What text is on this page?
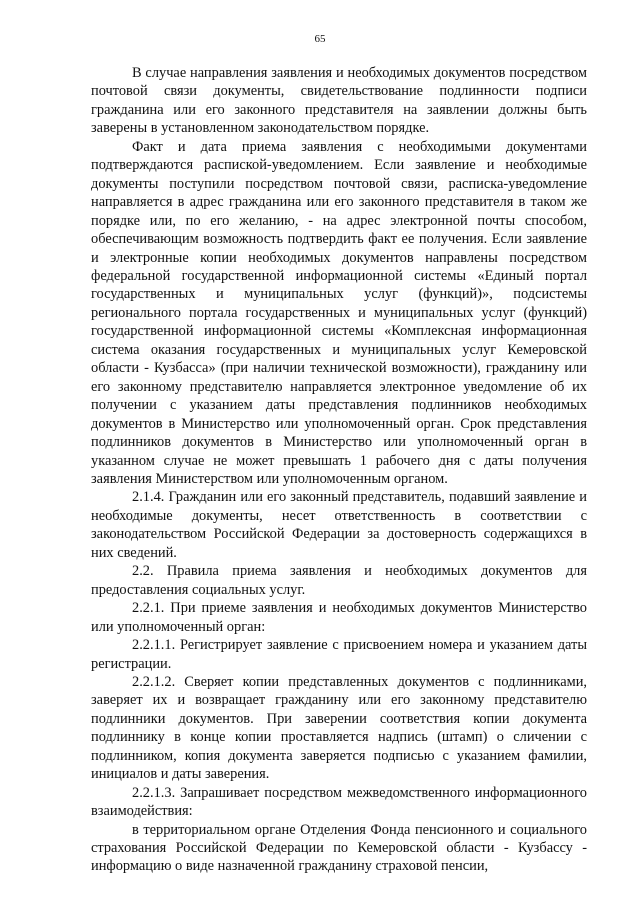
65

В случае направления заявления и необходимых документов посредством почтовой связи документы, свидетельствование подлинности подписи гражданина или его законного представителя на заявлении должны быть заверены в установленном законодательством порядке.

Факт и дата приема заявления с необходимыми документами подтверждаются распиской-уведомлением. Если заявление и необходимые документы поступили посредством почтовой связи, расписка-уведомление направляется в адрес гражданина или его законного представителя в таком же порядке или, по его желанию, - на адрес электронной почты способом, обеспечивающим возможность подтвердить факт ее получения. Если заявление и электронные копии необходимых документов направлены посредством федеральной государственной информационной системы «Единый портал государственных и муниципальных услуг (функций)», подсистемы регионального портала государственных и муниципальных услуг (функций) государственной информационной системы «Комплексная информационная система оказания государственных и муниципальных услуг Кемеровской области - Кузбасса» (при наличии технической возможности), гражданину или его законному представителю направляется электронное уведомление об их получении с указанием даты представления подлинников необходимых документов в Министерство или уполномоченный орган. Срок представления подлинников документов в Министерство или уполномоченный орган в указанном случае не может превышать 1 рабочего дня с даты получения заявления Министерством или уполномоченным органом.

2.1.4. Гражданин или его законный представитель, подавший заявление и необходимые документы, несет ответственность в соответствии с законодательством Российской Федерации за достоверность содержащихся в них сведений.

2.2. Правила приема заявления и необходимых документов для предоставления социальных услуг.

2.2.1. При приеме заявления и необходимых документов Министерство или уполномоченный орган:

2.2.1.1. Регистрирует заявление с присвоением номера и указанием даты регистрации.

2.2.1.2. Сверяет копии представленных документов с подлинниками, заверяет их и возвращает гражданину или его законному представителю подлинники документов. При заверении соответствия копии документа подлиннику в конце копии проставляется надпись (штамп) о сличении с подлинником, копия документа заверяется подписью с указанием фамилии, инициалов и даты заверения.

2.2.1.3. Запрашивает посредством межведомственного информационного взаимодействия:

в территориальном органе Отделения Фонда пенсионного и социального страхования Российской Федерации по Кемеровской области - Кузбассу - информацию о виде назначенной гражданину страховой пенсии,
